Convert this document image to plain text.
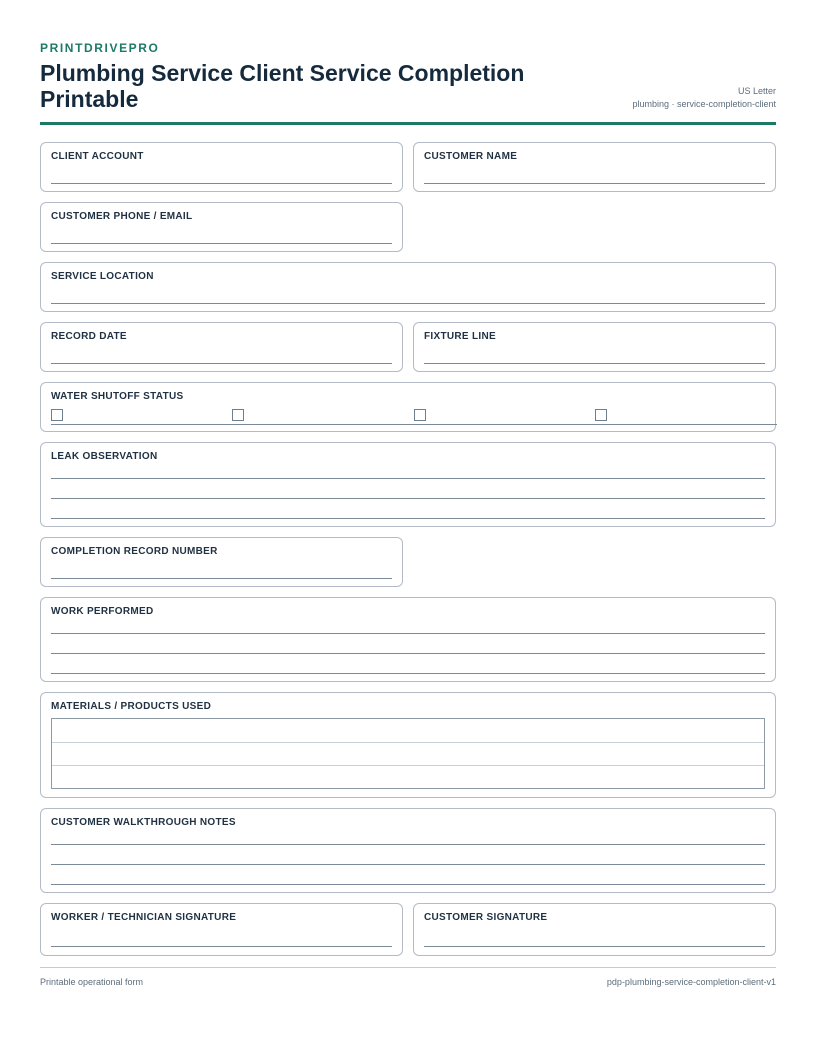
PRINTDRIVEPRO
Plumbing Service Client Service Completion Printable	US Letter
plumbing · service-completion-client
CLIENT ACCOUNT	CUSTOMER NAME
CUSTOMER PHONE / EMAIL
SERVICE LOCATION
RECORD DATE	FIXTURE LINE
WATER SHUTOFF STATUS
LEAK OBSERVATION
COMPLETION RECORD NUMBER
WORK PERFORMED
MATERIALS / PRODUCTS USED
CUSTOMER WALKTHROUGH NOTES
WORKER / TECHNICIAN SIGNATURE	CUSTOMER SIGNATURE
Printable operational form	pdp-plumbing-service-completion-client-v1
